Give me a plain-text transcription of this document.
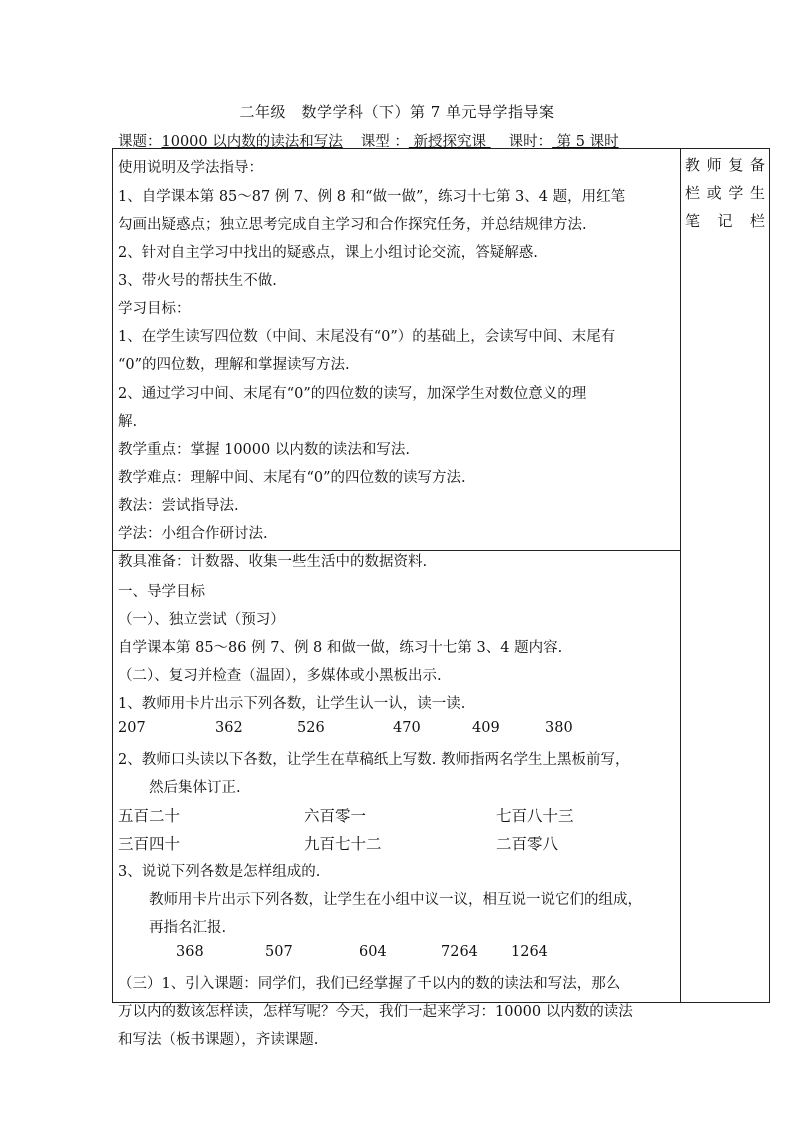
二年级　数学学科（下）第 7 单元导学指导案
课题：10000 以内数的读法和写法 课型 ： 新授探究课 课时： 第 5 课时
教师复备
栏或学生
笔 记 栏
使用说明及学法指导：
1、自学课本第 85～87 例 7、例 8 和“做一做”，练习十七第 3、4 题，用红笔
勾画出疑惑点；独立思考完成自主学习和合作探究任务，并总结规律方法.
2、针对自主学习中找出的疑惑点，课上小组讨论交流，答疑解惑.
3、带火号的帮扶生不做.
学习目标：
1、在学生读写四位数（中间、末尾没有“0”）的基础上，会读写中间、末尾有
“0”的四位数，理解和掌握读写方法.
2、通过学习中间、末尾有“0”的四位数的读写，加深学生对数位意义的理
解.
教学重点：掌握 10000 以内数的读法和写法.
教学难点：理解中间、末尾有“0”的四位数的读写方法.
教法：尝试指导法.
学法：小组合作研讨法.
教具准备：计数器、收集一些生活中的数据资料.
一、导学目标
（一）、独立尝试（预习）
自学课本第 85～86 例 7、例 8 和做一做，练习十七第 3、4 题内容.
（二）、复习并检查（温固），多媒体或小黑板出示.
1、教师用卡片出示下列各数，让学生认一认，读一读.
207	362	526	470	409	380
2、教师口头读以下各数，让学生在草稿纸上写数. 教师指两名学生上黑板前写，
然后集体订正.
五百二十	六百零一	七百八十三
三百四十	九百七十二	二百零八
3、说说下列各数是怎样组成的.
教师用卡片出示下列各数，让学生在小组中议一议，相互说一说它们的组成，
再指名汇报.
368	507	604	7264 1264
（三）1、引入课题：同学们，我们已经掌握了千以内的数的读法和写法，那么
万以内的数该怎样读，怎样写呢？今天，我们一起来学习：10000 以内数的读法
和写法（板书课题），齐读课题.
